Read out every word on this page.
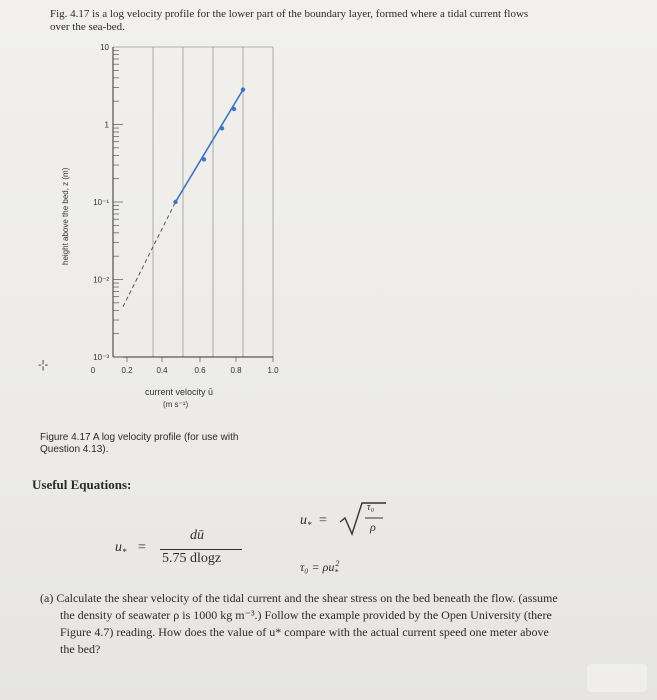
Fig. 4.17 is a log velocity profile for the lower part of the boundary layer, formed where a tidal current flows
over the sea-bed.
10⁻³
10⁻²
10⁻¹
1
10
0	0.2	0.4	0.6	0.8	1.0
height above the bed, z (m)
current velocity ū
(m s⁻¹)
-¦-
Figure 4.17 A log velocity profile (for use with
Question 4.13).
Useful Equations:
$u_*$ =
τ₀
ρ
$u_*$ =
dū
5.75 dlogz
$\tau_0 = \rho u_*^2$
(a) Calculate the shear velocity of the tidal current and the shear stress on the bed beneath the flow. (assume
the density of seawater ρ is 1000 kg m⁻³.) Follow the example provided by the Open University (there
Figure 4.7) reading. How does the value of u* compare with the actual current speed one meter above
the bed?
